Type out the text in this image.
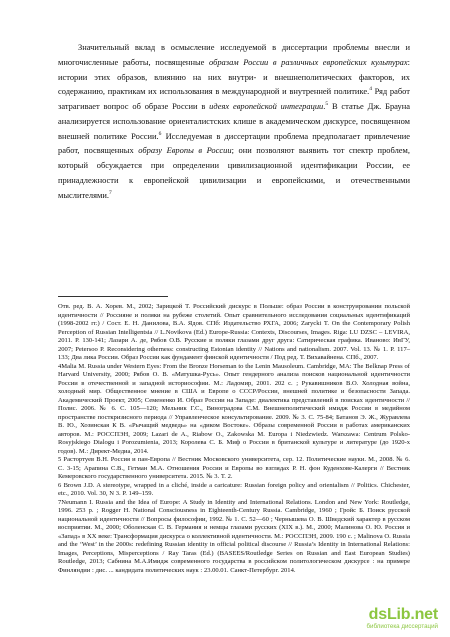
Значительный вклад в осмысление исследуемой в диссертации проблемы внесли и многочисленные работы, посвященные образам России в различных европейских культурах: истории этих образов, влиянию на них внутри- и внешнеполитических факторов, их содержанию, практикам их использования в международной и внутренней политике.$^4$ Ряд работ затрагивает вопрос об образе России в идеях европейской интеграции.$^5$ В статье Дж. Брауна анализируется использование ориенталистских клише в академическом дискурсе, посвященном внешней политике России.$^6$ Исследуемая в диссертации проблема предполагает привлечение работ, посвященных образу Европы в России; они позволяют выявить тот спектр проблем, который обсуждается при определении цивилизационной идентификации России, ее принадлежности к европейской цивилизации и европейскими, и отечественными мыслителями.$^7$

Отв. ред. В. А. Хорев. М., 2002; Зарицкой Т. Российский дискурс в Польше: образ России в конструировании польской идентичности // Россияне и поляки на рубеже столетий. Опыт сравнительного исследования социальных идентификаций (1998-2002 гг.) / Сост. Е. Н. Данилова, В.А. Ядов. СПб: Издательство РХГА, 2006; Zarycki T. On the Contemporary Polish Perception of Russian Intelligentsia // L.Novikova (Ed.) Europe-Russia: Contexts, Discourses, Images. Riga: LU DZSC – LEVIRA, 2011. P. 130-141; Лазари А. де, Рябов О.В. Русские и поляки глазами друг друга: Сатирическая графика. Иваново: ИвГУ, 2007; Petersoo P. Reconsidering otherness: constructing Estonian identity // Nations and nationalism. 2007. Vol. 13. № 1. P. 117–133; Два лика России. Образ России как фундамент финской идентичности / Под ред. Т. Вихавайнена. СПб., 2007.

4Malia M. Russia under Western Eyes: From the Bronze Horseman to the Lenin Mausoleum. Cambridge, MA: The Belknap Press of Harvard University, 2000; Рябов О. В. «Матушка-Русь». Опыт гендерного анализа поисков национальной идентичности России в отечественной и западной историософии. М.: Ладомир, 2001. 202 с. ; Рукавишников В.О. Холодная война, холодный мир. Общественное мнение в США и Европе о СССР/России, внешней политике и безопасности Запада. Академический Проект, 2005; Семененко И. Образ России на Западе: диалектика представлений в поисках идентичности // Полис. 2006. № 6. С. 105—120; Мельник Г.С., Виноградова С.М. Внешнеполитический имидж России в медийном пространстве посткризисного периода // Управленческое консультирование. 2009. № 3. С. 75-84; Батанов Э. Ж., Журавлева В. Ю., Хозинская К В. «Рычащий медведь» на «диком Востоке». Образы современной России в работах американских авторов. М.: РОССПЭН, 2009; Lazari de A., Riabow O., Zakowska M. Europa i Niedzwiedz. Warszawa: Centrum Polsko-Rosyjskiego Dialogu i Porozumienia, 2013; Королева С. Б. Миф о России в британской культуре и литературе (до 1920-х годов). М.: Директ-Медиа, 2014.

5 Растортуев В.Н. Россия и пан-Европа // Вестник Московского университета, сер. 12. Политические науки. М., 2008. № 6. С. 3-15; Арапина С.В., Гетман М.А. Отношения России и Европы во взглядах Р. Н. фон Куденхове-Калерги // Вестник Кемеровского государственного университета. 2015. № 3. Т. 2.

6 Brown J.D. A stereotype, wrapped in a cliché, inside a caricature: Russian foreign policy and orientalism // Politics. Chichester, etc., 2010. Vol. 30, N 3. P. 149–159.

7Neumann I. Russia and the Idea of Europe: A Study in Identity and International Relations. London and New York: Routledge, 1996. 253 p. ; Rogger H. National Consciousness in Eighteenth-Century Russia. Cambridge, 1960 ; Гройс Б. Поиск русской национальной идентичности // Вопросы философии, 1992. № 1. С. 52—60 ; Чернышева О. В. Шведский характер в русском восприятии. М., 2000; Оболенская С. В. Германия и немцы глазами русских (XIX в.). М., 2000; Малинова О. Ю. Россия и «Запад» в XX веке: Трансформация дискурса о коллективной идентичности. М.: РОССПЭН, 2009. 190 с. ; Malinova O. Russia and the ‘West’ in the 2000s: redefining Russian identity in official political discourse // Russia’s Identity in International Relations: Images, Perceptions, Misperceptions / Ray Taras (Ed.) (BASEES/Routledge Series on Russian and East European Studies) Routledge, 2013; Сабнина М.А.Имидж современного государства в российском политологическом дискурсе : на примере Финляндии : дис. ... кандидата политических наук : 23.00.01. Санкт-Петербург. 2014.

dsLib.net
библиотека диссертаций
